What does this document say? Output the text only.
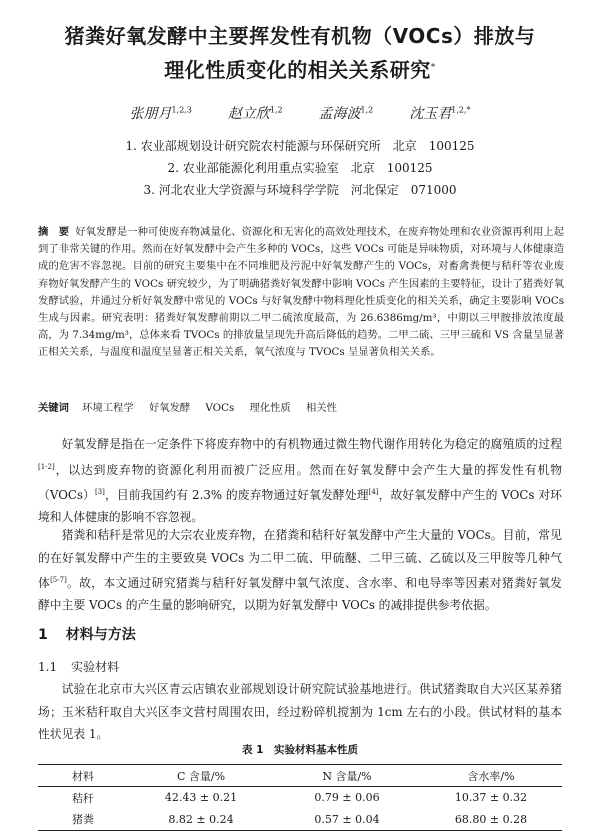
猪粪好氧发酵中主要挥发性有机物（VOCs）排放与
理化性质变化的相关关系研究*
张朋月$^{1,2,3}$	赵立欣$^{1,2}$	孟海波$^{1,2}$	沈玉君$^{1,2,*}$
1. 农业部规划设计研究院农村能源与环保研究所　北京　100125
2. 农业部能源化利用重点实验室　北京　100125
3. 河北农业大学资源与环境科学学院　河北保定　071000
摘　要 好氧发酵是一种可使废弃物减量化、资源化和无害化的高效处理技术，在废弃物处理和农业资源再利用上起到了非常关键的作用。然而在好氧发酵中会产生多种的 VOCs，这些 VOCs 可能是异味物质，对环境与人体健康造成的危害不容忽视。目前的研究主要集中在不同堆肥及污泥中好氧发酵产生的 VOCs，对畜禽粪便与秸秆等农业废弃物好氧发酵产生的 VOCs 研究较少，为了明确猪粪好氧发酵中影响 VOCs 产生因素的主要特征，设计了猪粪好氧发酵试验，并通过分析好氧发酵中常见的 VOCs 与好氧发酵中物料理化性质变化的相关关系，确定主要影响 VOCs 生成与因素。研究表明：猪粪好氧发酵前期以二甲二硫浓度最高，为 26.6386mg/m³，中期以三甲胺排放浓度最高，为 7.34mg/m³，总体来看 TVOCs 的排放量呈现先升高后降低的趋势。二甲二硫、三甲三硫和 VS 含量呈显著正相关关系，与温度和温度呈显著正相关关系，氧气浓度与 TVOCs 呈显著负相关关系。
关键词 环境工程学 好氧发酵 VOCs 理化性质 相关性
好氧发酵是指在一定条件下将废弃物中的有机物通过微生物代谢作用转化为稳定的腐殖质的过程[1-2]，以达到废弃物的资源化利用而被广泛应用。然而在好氧发酵中会产生大量的挥发性有机物（VOCs）[3]，目前我国约有 2.3% 的废弃物通过好氧发酵处理[4]，故好氧发酵中产生的 VOCs 对环境和人体健康的影响不容忽视。
猪粪和秸秆是常见的大宗农业废弃物，在猪粪和秸秆好氧发酵中产生大量的 VOCs。目前，常见的在好氧发酵中产生的主要致臭 VOCs 为二甲二硫、甲硫醚、二甲三硫、乙硫以及三甲胺等几种气体[5-7]。故，本文通过研究猪粪与秸秆好氧发酵中氧气浓度、含水率、和电导率等因素对猪粪好氧发酵中主要 VOCs 的产生量的影响研究，以期为好氧发酵中 VOCs 的减排提供参考依据。
1 材料与方法
1.1 实验材料
试验在北京市大兴区青云店镇农业部规划设计研究院试验基地进行。供试猪粪取自大兴区某养猪场；玉米秸秆取自大兴区李文营村周围农田，经过粉碎机搅割为 1cm 左右的小段。供试材料的基本性状见表 1。
表 1　实验材料基本性质
材料	C 含量/%	N 含量/%	含水率/%
秸秆	42.43 ± 0.21	0.79 ± 0.06	10.37 ± 0.32
猪粪	8.82 ± 0.24	0.57 ± 0.04	68.80 ± 0.28
